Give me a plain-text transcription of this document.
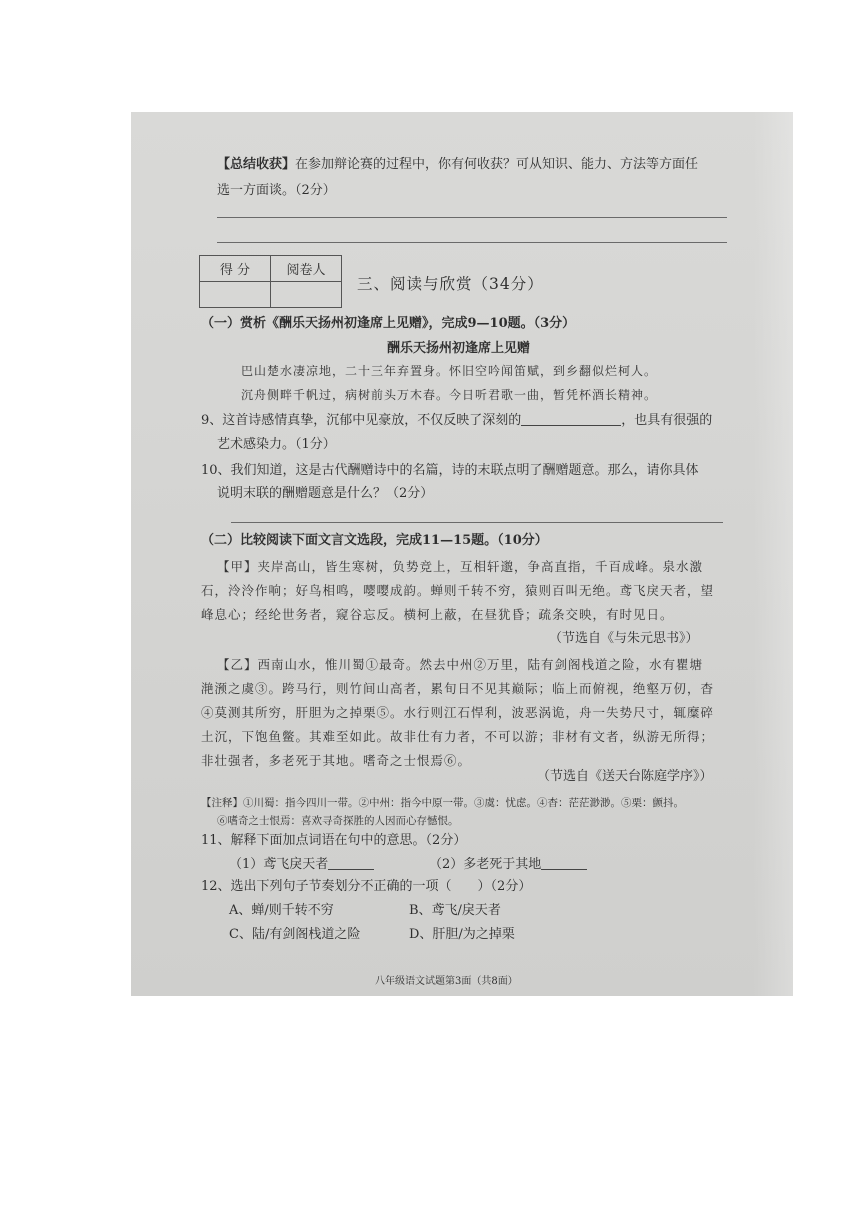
【总结收获】在参加辩论赛的过程中，你有何收获？可从知识、能力、方法等方面任
选一方面谈。（2分）
得 分	阅卷人

三、阅读与欣赏（34分）
（一）赏析《酬乐天扬州初逢席上见赠》，完成9—10题。（3分）
酬乐天扬州初逢席上见赠
巴山楚水凄凉地，二十三年弃置身。怀旧空吟闻笛赋，到乡翻似烂柯人。
沉舟侧畔千帆过，病树前头万木春。今日听君歌一曲，暂凭杯酒长精神。
9、这首诗感情真挚，沉郁中见豪放，不仅反映了深刻的	，也具有很强的
艺术感染力。（1分）
10、我们知道，这是古代酬赠诗中的名篇，诗的末联点明了酬赠题意。那么，请你具体
说明末联的酬赠题意是什么？（2分）
（二）比较阅读下面文言文选段，完成11—15题。（10分）
【甲】夹岸高山，皆生寒树，负势竞上，互相轩邈，争高直指，千百成峰。泉水激
石，泠泠作响；好鸟相鸣，嘤嘤成韵。蝉则千转不穷，猿则百叫无绝。鸢飞戾天者，望
峰息心；经纶世务者，窥谷忘反。横柯上蔽，在昼犹昏；疏条交映，有时见日。
（节选自《与朱元思书》）
【乙】西南山水，惟川蜀①最奇。然去中州②万里，陆有剑阁栈道之险，水有瞿塘
滟滪之虞③。跨马行，则竹间山高者，累旬日不见其巅际；临上而俯视，绝壑万仞，杳
④莫测其所穷，肝胆为之掉栗⑤。水行则江石悍利，波恶涡诡，舟一失势尺寸，辄糜碎
土沉，下饱鱼鳖。其难至如此。故非仕有力者，不可以游；非材有文者，纵游无所得；
非壮强者，多老死于其地。嗜奇之士恨焉⑥。
（节选自《送天台陈庭学序》）
【注释】①川蜀：指今四川一带。②中州：指今中原一带。③虞：忧虑。④杳：茫茫渺渺。⑤栗：颤抖。
⑥嗜奇之士恨焉：喜欢寻奇探胜的人因而心存憾恨。
11、解释下面加点词语在句中的意思。（2分）
（1）鸢飞戾天者	（2）多老死于其地
12、选出下列句子节奏划分不正确的一项（　　）（2分）
A、蝉/则千转不穷	B、鸢飞/戾天者
C、陆/有剑阁栈道之险	D、肝胆/为之掉栗
八年级语文试题第3面（共8面）
